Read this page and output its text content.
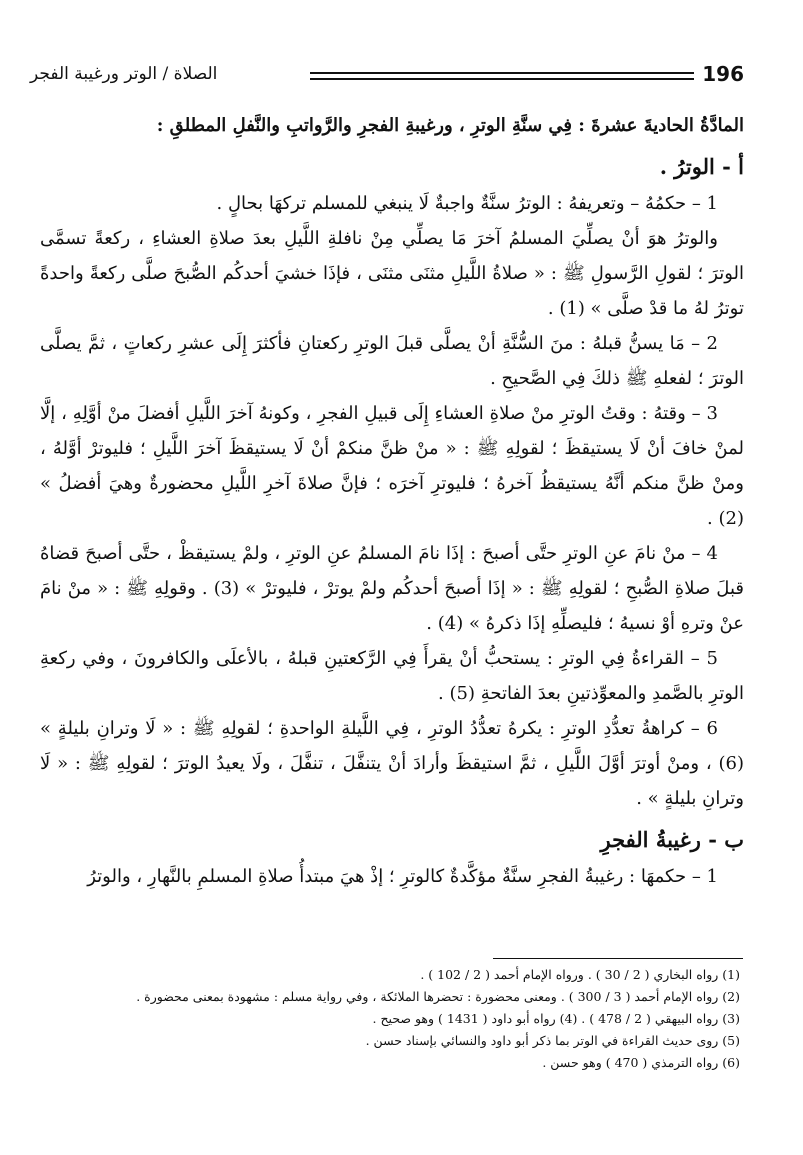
196
الصلاة / الوتر ورغيبة الفجر

المادَّةُ الحاديةَ عشرةَ : فِي سنَّةِ الوترِ ، ورغيبةِ الفجرِ والرَّواتبِ والنَّفلِ المطلقِ :

أ - الوترُ .

1 – حكمُهُ – وتعريفهُ : الوترُ سنَّةٌ واجبةٌ لَا ينبغي للمسلم تركهَا بحالٍ .

والوترُ هوَ أنْ يصلِّيَ المسلمُ آخرَ مَا يصلِّي مِنْ نافلةِ اللَّيلِ بعدَ صلاةِ العشاءِ ، ركعةً تسمَّى الوترَ ؛ لقولِ الرَّسولِ ﷺ : « صلاةُ اللَّيلِ مثنَى مثنَى ، فإذَا خشيَ أحدكُم الصُّبحَ صلَّى ركعةً واحدةً توترُ لهُ ما قدْ صلَّى » (1) .

2 – مَا يسنُّ قبلهُ : منَ السُّنَّةِ أنْ يصلَّى قبلَ الوترِ ركعتانِ فأكثرَ إِلَى عشرِ ركعاتٍ ، ثمَّ يصلَّى الوترَ ؛ لفعلهِ ﷺ ذلكَ فِي الصَّحيحِ .

3 – وقتهُ : وقتُ الوترِ منْ صلاةِ العشاءِ إِلَى قبيلِ الفجرِ ، وكونهُ آخرَ اللَّيلِ أفضلَ منْ أوَّلِهِ ، إلَّا لمنْ خافَ أنْ لَا يستيقظَ ؛ لقولِهِ ﷺ : « منْ ظنَّ منكمْ أنْ لَا يستيقظَ آخرَ اللَّيلِ ؛ فليوترْ أوَّلهُ ، ومنْ ظنَّ منكم أنَّهُ يستيقظُ آخرهُ ؛ فليوترِ آخرَه ؛ فإنَّ صلاةَ آخرِ اللَّيلِ محضورةٌ وهيَ أفضلُ » (2) .

4 – منْ نامَ عنِ الوترِ حتَّى أصبحَ : إذَا نامَ المسلمُ عنِ الوترِ ، ولمْ يستيقظْ ، حتَّى أصبحَ قضاهُ قبلَ صلاةِ الصُّبحِ ؛ لقولِهِ ﷺ : « إذَا أصبحَ أحدكُم ولمْ يوترْ ، فليوترْ » (3) . وقولِهِ ﷺ : « منْ نامَ عنْ وترهِ أوْ نسيهُ ؛ فليصلِّهِ إذَا ذكرهُ » (4) .

5 – القراءةُ فِي الوترِ : يستحبُّ أنْ يقرأَ فِي الرَّكعتينِ قبلهُ ، بالأعلَى والكافرونَ ، وفي ركعةِ الوترِ بالصَّمدِ والمعوِّذتينِ بعدَ الفاتحةِ (5) .

6 – كراهةُ تعدُّدِ الوترِ : يكرهُ تعدُّدُ الوترِ ، فِي اللَّيلةِ الواحدةِ ؛ لقولِهِ ﷺ : « لَا وترانِ بليلةٍ » (6) ، ومنْ أوترَ أوَّلَ اللَّيلِ ، ثمَّ استيقظَ وأرادَ أنْ يتنفَّلَ ، تنفَّلَ ، ولَا يعيدُ الوترَ ؛ لقولِهِ ﷺ : « لَا وترانِ بليلةٍ » .

ب - رغيبةُ الفجرِ

1 – حكمهَا : رغيبةُ الفجرِ سنَّةٌ مؤكَّدةٌ كالوترِ ؛ إذْ هيَ مبتدأُ صلاةِ المسلمِ بالنَّهارِ ، والوترُ

(1) رواه البخاري ( 2 / 30 ) . ورواه الإمام أحمد ( 2 / 102 ) .

(2) رواه الإمام أحمد ( 3 / 300 ) . ومعنى محضورة : تحضرها الملائكة ، وفي رواية مسلم : مشهودة بمعنى محضورة .

(3) رواه البيهقي ( 2 / 478 ) . (4) رواه أبو داود ( 1431 ) وهو صحيح .

(5) روى حديث القراءة في الوتر بما ذكر أبو داود والنسائي بإسناد حسن .

(6) رواه الترمذي ( 470 ) وهو حسن .
